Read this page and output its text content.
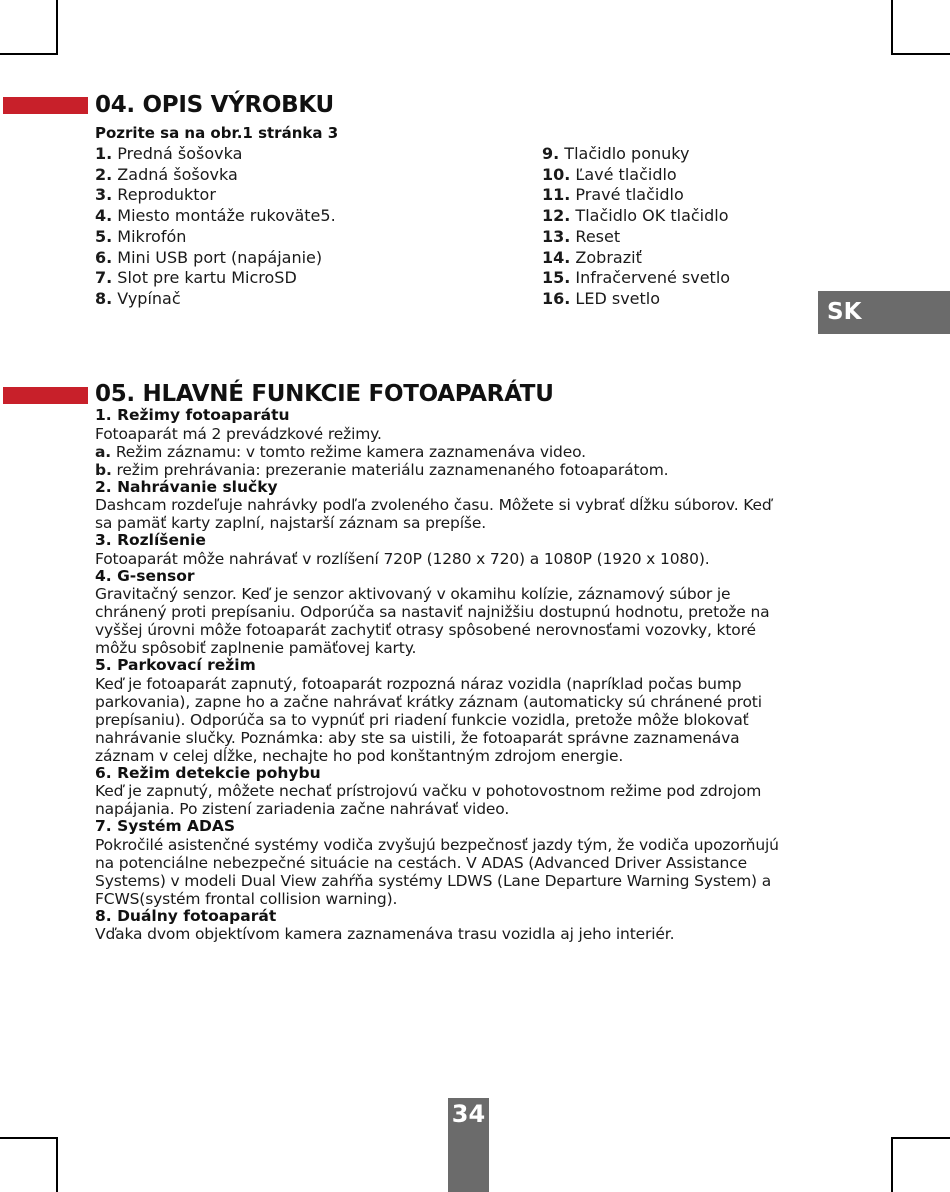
04. OPIS VÝROBKU
Pozrite sa na obr.1 stránka 3
1. Predná šošovka
2. Zadná šošovka
3. Reproduktor
4. Miesto montáže rukoväte5.
5. Mikrofón
6. Mini USB port (napájanie)
7. Slot pre kartu MicroSD
8. Vypínač
9. Tlačidlo ponuky
10. Ľavé tlačidlo
11. Pravé tlačidlo
12. Tlačidlo OK tlačidlo
13. Reset
14. Zobraziť
15. Infračervené svetlo
16. LED svetlo
SK
05. HLAVNÉ FUNKCIE FOTOAPARÁTU
1. Režimy fotoaparátu
Fotoaparát má 2 prevádzkové režimy.
a. Režim záznamu: v tomto režime kamera zaznamenáva video.
b. režim prehrávania: prezeranie materiálu zaznamenaného fotoaparátom.
2. Nahrávanie slučky
Dashcam rozdeľuje nahrávky podľa zvoleného času. Môžete si vybrať dĺžku súborov. Keď
sa pamäť karty zaplní, najstarší záznam sa prepíše.
3. Rozlíšenie
Fotoaparát môže nahrávať v rozlíšení 720P (1280 x 720) a 1080P (1920 x 1080).
4. G-sensor
Gravitačný senzor. Keď je senzor aktivovaný v okamihu kolízie, záznamový súbor je
chránený proti prepísaniu. Odporúča sa nastaviť najnižšiu dostupnú hodnotu, pretože na
vyššej úrovni môže fotoaparát zachytiť otrasy spôsobené nerovnosťami vozovky, ktoré
môžu spôsobiť zaplnenie pamäťovej karty.
5. Parkovací režim
Keď je fotoaparát zapnutý, fotoaparát rozpozná náraz vozidla (napríklad počas bump
parkovania), zapne ho a začne nahrávať krátky záznam (automaticky sú chránené proti
prepísaniu). Odporúča sa to vypnúť pri riadení funkcie vozidla, pretože môže blokovať
nahrávanie slučky. Poznámka: aby ste sa uistili, že fotoaparát správne zaznamenáva
záznam v celej dĺžke, nechajte ho pod konštantným zdrojom energie.
6. Režim detekcie pohybu
Keď je zapnutý, môžete nechať prístrojovú vačku v pohotovostnom režime pod zdrojom
napájania. Po zistení zariadenia začne nahrávať video.
7. Systém ADAS
Pokročilé asistenčné systémy vodiča zvyšujú bezpečnosť jazdy tým, že vodiča upozorňujú
na potenciálne nebezpečné situácie na cestách. V ADAS (Advanced Driver Assistance
Systems) v modeli Dual View zahŕňa systémy LDWS (Lane Departure Warning System) a
FCWS(systém frontal collision warning).
8. Duálny fotoaparát
Vďaka dvom objektívom kamera zaznamenáva trasu vozidla aj jeho interiér.
34
